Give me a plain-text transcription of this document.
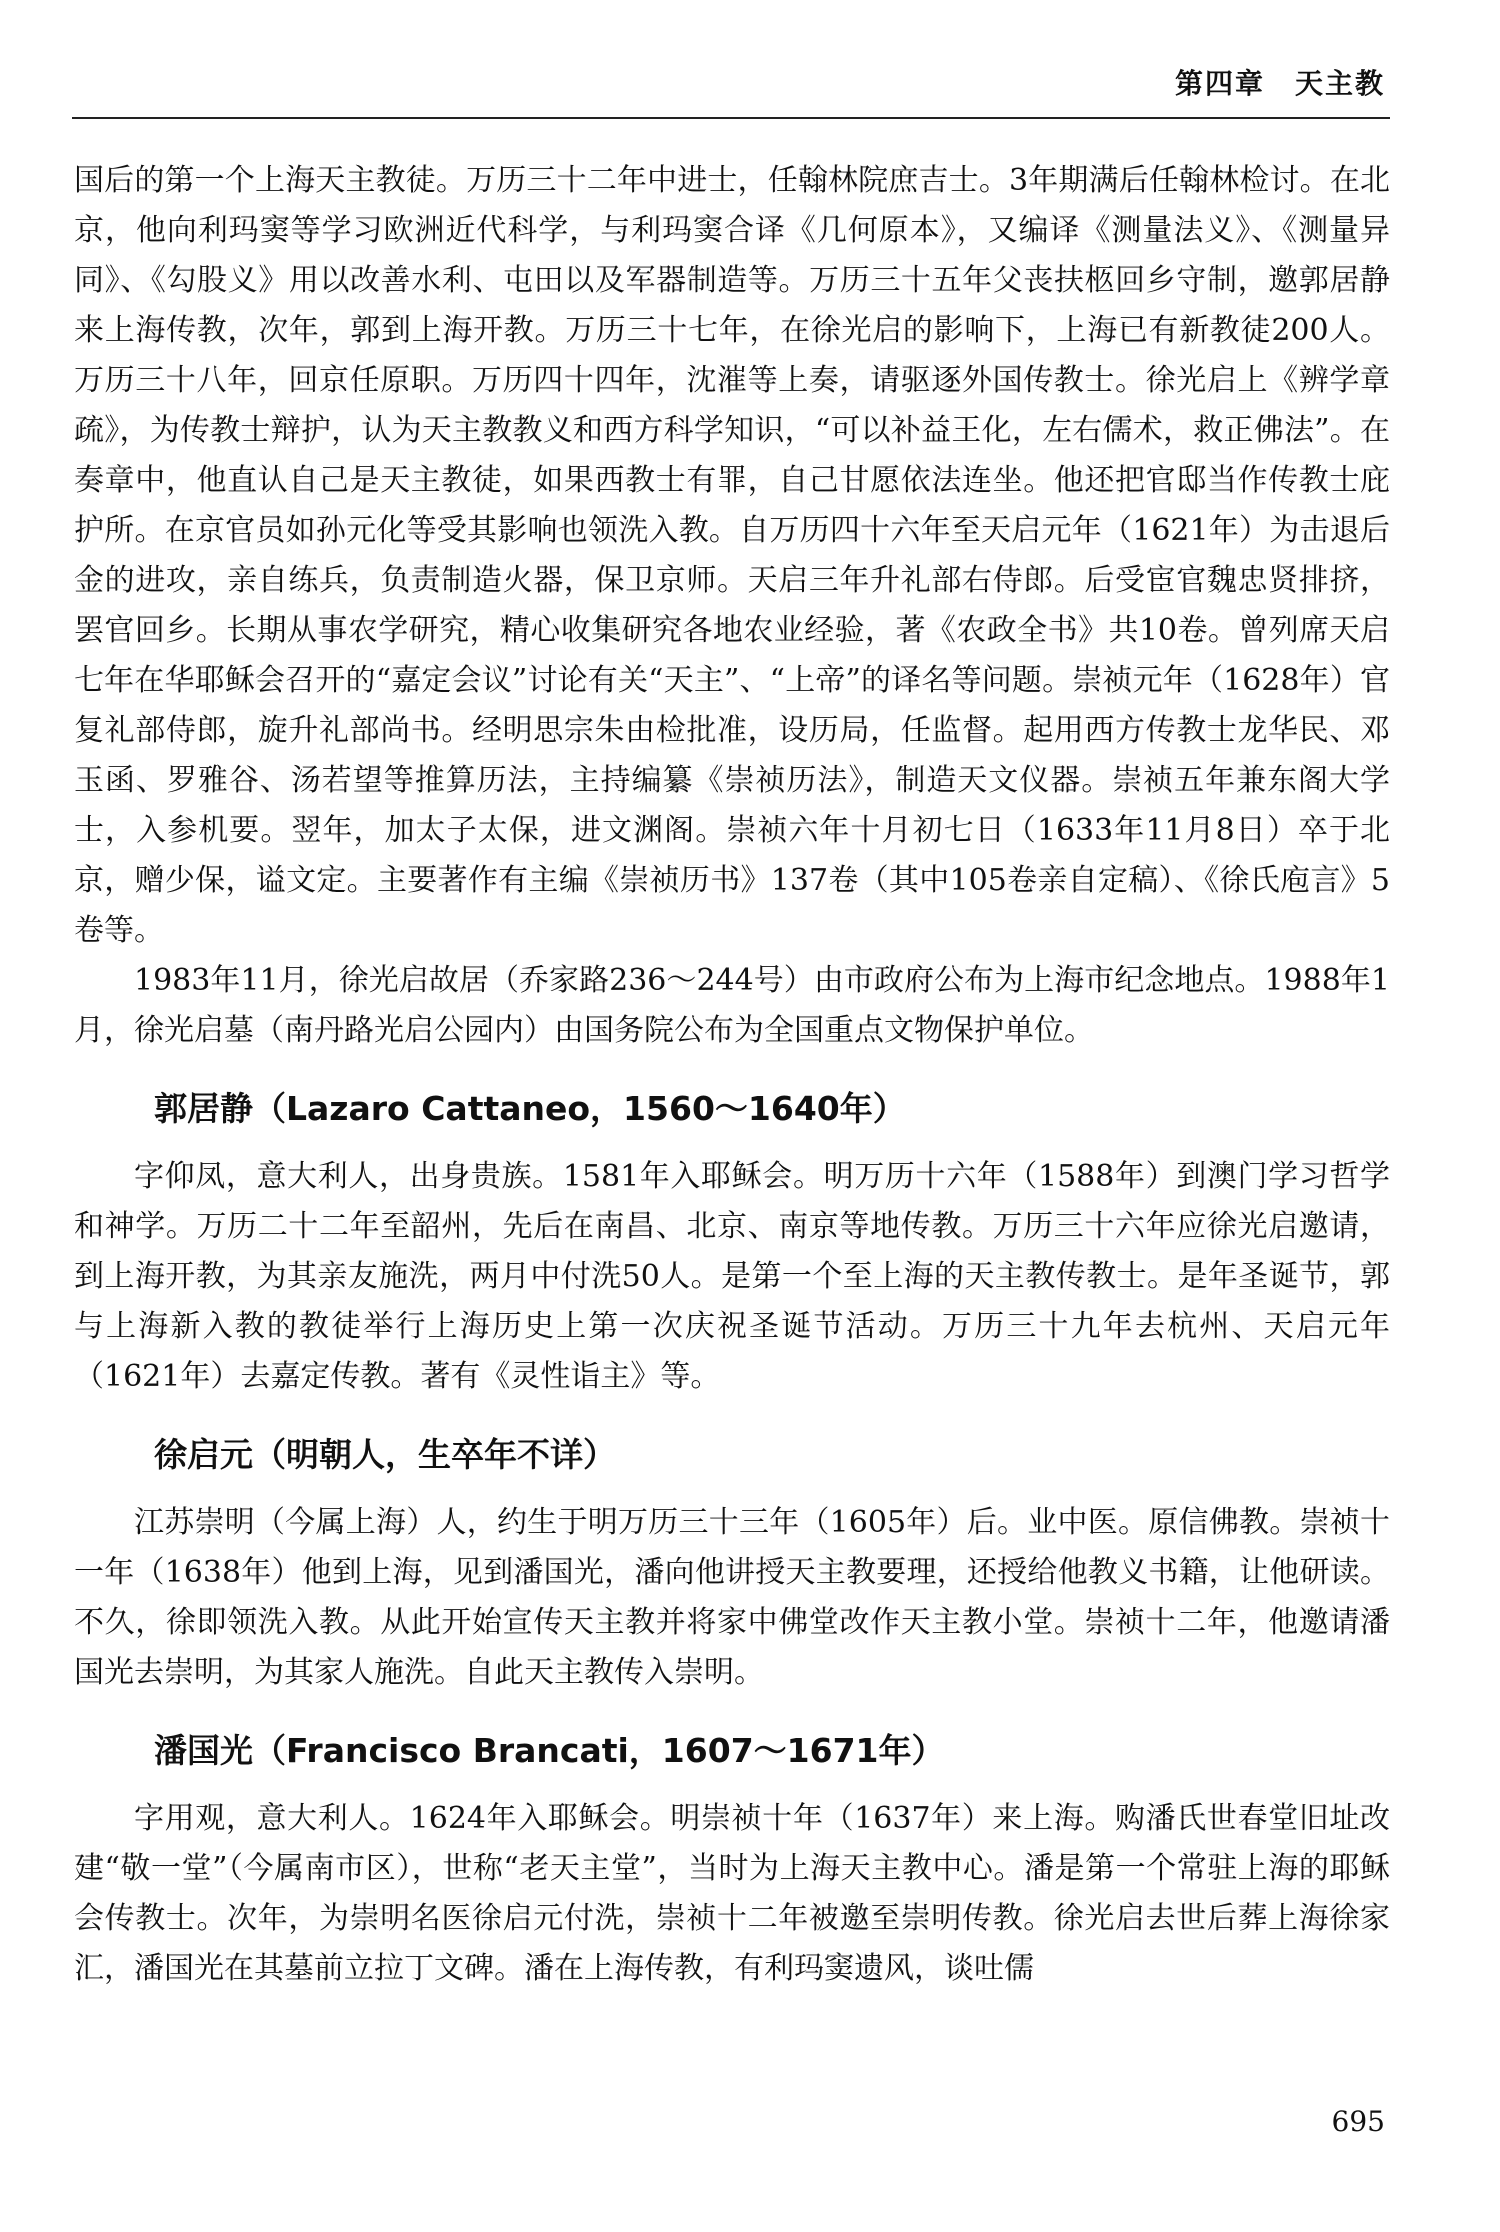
第四章　天主教

国后的第一个上海天主教徒。万历三十二年中进士，任翰林院庶吉士。3年期满后任翰林检讨。在北京，他向利玛窦等学习欧洲近代科学，与利玛窦合译《几何原本》，又编译《测量法义》、《测量异同》、《勾股义》用以改善水利、屯田以及军器制造等。万历三十五年父丧扶柩回乡守制，邀郭居静来上海传教，次年，郭到上海开教。万历三十七年，在徐光启的影响下，上海已有新教徒200人。万历三十八年，回京任原职。万历四十四年，沈漼等上奏，请驱逐外国传教士。徐光启上《辨学章疏》，为传教士辩护，认为天主教教义和西方科学知识，“可以补益王化，左右儒术，救正佛法”。在奏章中，他直认自己是天主教徒，如果西教士有罪，自己甘愿依法连坐。他还把官邸当作传教士庇护所。在京官员如孙元化等受其影响也领洗入教。自万历四十六年至天启元年（1621年）为击退后金的进攻，亲自练兵，负责制造火器，保卫京师。天启三年升礼部右侍郎。后受宦官魏忠贤排挤，罢官回乡。长期从事农学研究，精心收集研究各地农业经验，著《农政全书》共10卷。曾列席天启七年在华耶稣会召开的“嘉定会议”讨论有关“天主”、“上帝”的译名等问题。崇祯元年（1628年）官复礼部侍郎，旋升礼部尚书。经明思宗朱由检批准，设历局，任监督。起用西方传教士龙华民、邓玉函、罗雅谷、汤若望等推算历法，主持编纂《崇祯历法》，制造天文仪器。崇祯五年兼东阁大学士，入参机要。翌年，加太子太保，进文渊阁。崇祯六年十月初七日（1633年11月8日）卒于北京，赠少保，谥文定。主要著作有主编《崇祯历书》137卷（其中105卷亲自定稿）、《徐氏庖言》5卷等。

1983年11月，徐光启故居（乔家路236～244号）由市政府公布为上海市纪念地点。1988年1月，徐光启墓（南丹路光启公园内）由国务院公布为全国重点文物保护单位。

郭居静（Lazaro Cattaneo，1560～1640年）

字仰凤，意大利人，出身贵族。1581年入耶稣会。明万历十六年（1588年）到澳门学习哲学和神学。万历二十二年至韶州，先后在南昌、北京、南京等地传教。万历三十六年应徐光启邀请，到上海开教，为其亲友施洗，两月中付洗50人。是第一个至上海的天主教传教士。是年圣诞节，郭与上海新入教的教徒举行上海历史上第一次庆祝圣诞节活动。万历三十九年去杭州、天启元年（1621年）去嘉定传教。著有《灵性诣主》等。

徐启元（明朝人，生卒年不详）

江苏崇明（今属上海）人，约生于明万历三十三年（1605年）后。业中医。原信佛教。崇祯十一年（1638年）他到上海，见到潘国光，潘向他讲授天主教要理，还授给他教义书籍，让他研读。不久，徐即领洗入教。从此开始宣传天主教并将家中佛堂改作天主教小堂。崇祯十二年，他邀请潘国光去崇明，为其家人施洗。自此天主教传入崇明。

潘国光（Francisco Brancati，1607～1671年）

字用观，意大利人。1624年入耶稣会。明崇祯十年（1637年）来上海。购潘氏世春堂旧址改建“敬一堂”（今属南市区），世称“老天主堂”，当时为上海天主教中心。潘是第一个常驻上海的耶稣会传教士。次年，为崇明名医徐启元付洗，崇祯十二年被邀至崇明传教。徐光启去世后葬上海徐家汇，潘国光在其墓前立拉丁文碑。潘在上海传教，有利玛窦遗风，谈吐儒

695
